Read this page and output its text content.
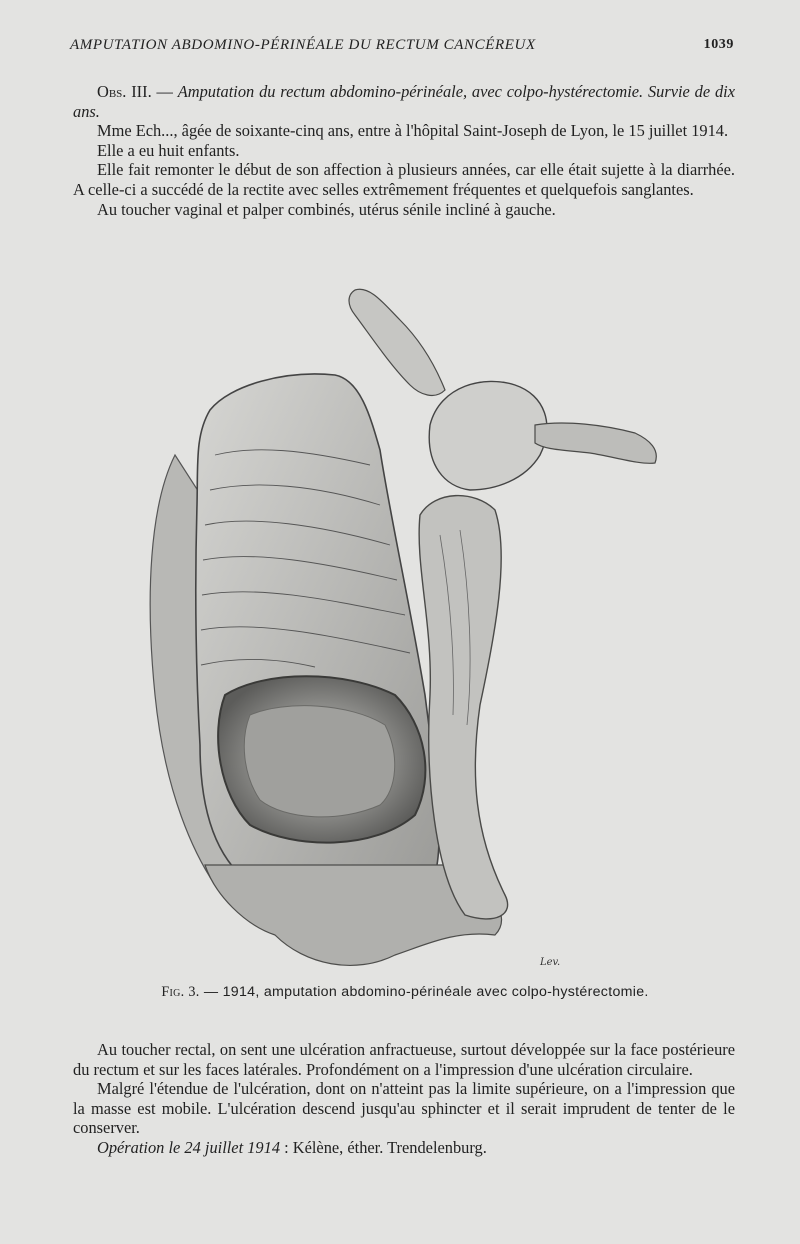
AMPUTATION ABDOMINO-PÉRINÉALE DU RECTUM CANCÉREUX	1039

Obs. III. — Amputation du rectum abdomino-périnéale, avec colpo-hystérectomie. Survie de dix ans.

Mme Ech..., âgée de soixante-cinq ans, entre à l'hôpital Saint-Joseph de Lyon, le 15 juillet 1914.

Elle a eu huit enfants.

Elle fait remonter le début de son affection à plusieurs années, car elle était sujette à la diarrhée. A celle-ci a succédé de la rectite avec selles extrêmement fréquentes et quelquefois sanglantes.

Au toucher vaginal et palper combinés, utérus sénile incliné à gauche.

Lev.
Fig. 3. — 1914, amputation abdomino-périnéale avec colpo-hystérectomie.

Au toucher rectal, on sent une ulcération anfractueuse, surtout développée sur la face postérieure du rectum et sur les faces latérales. Profondément on a l'impression d'une ulcération circulaire.

Malgré l'étendue de l'ulcération, dont on n'atteint pas la limite supérieure, on a l'impression que la masse est mobile. L'ulcération descend jusqu'au sphincter et il serait imprudent de tenter de le conserver.

Opération le 24 juillet 1914 : Kélène, éther. Trendelenburg.
